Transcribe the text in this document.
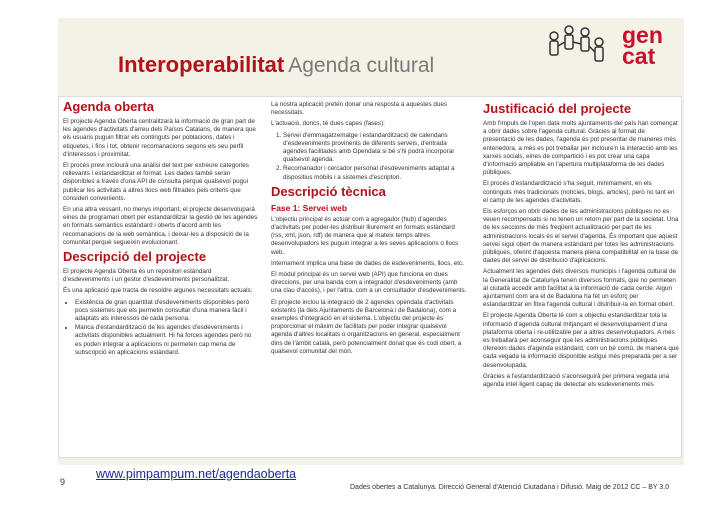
Interoperabilitat Agenda cultural
gen
cat
Agenda oberta

El projecte Agenda Oberta centralitzarà la informació de gran part de les agendes d'activitats d'arreu dels Països Catalans, de manera que els usuaris puguin filtrar els continguts per poblacions, dates i etiquetes, i fins i tot, obtenir recomanacions segons els seu perfil d'interessos i proximitat.

El procés previ inclourà una anàlisi del text per extreure categories rellevants i estandarditzar el format. Les dades també seran disponibles a través d'una API de consulta perquè qualsevol pugui publicar les activitats a altres llocs web filtrades pels criteris que consideri convenients.

En una altra vessant, no menys important, el projecte desenvoluparà eines de programari obert per estandarditzar la gestió de les agendes en formats semàntics estàndard i oberts d'acord amb les recomanacions de la web semàntica, i deixar-les a disposició de la comunitat perquè segueixin evolucionant.

Descripció del projecte

El projecte Agenda Oberta és un repositori estàndard d'esdeveniments i un gestor d'esdeveniments personalitzat.

És una aplicació que tracta de resoldre algunes necessitats actuals:

• Existència de gran quantitat d'esdeveniments disponibles però pocs sistemes que els permetin consultar d'una manera fàcil i adaptats als interessos de cada persona.
• Manca d'estandardització de les agendes d'esdeveniments i activitats disponibles actualment. Hi ha forces agendes però no es poden integrar a aplicacions ni permeten cap mena de subscripció en aplicacions estàndard.

La nostra aplicació pretén donar una resposta a aquestes dues necessitats.

L'actuació, doncs, té dues capes (fases):

1. Servei d'emmagatzematge i estandardització de calendaris d'esdeveniments provinents de diferents serveis, d'entrada agendes facilitades amb Opendata si bé s'hi podrà incorporar qualsevol agenda.
2. Recomanador i cercador personal d'esdeveniments adaptat a dispositius mòbils i a sistemes d'escriptori.
Descripció tècnica
Fase 1: Servei web

L'objectiu principal és actuar com a agregador (hub) d'agendes d'activitats per poder-les distribuir lliurement en formats estàndard (rss, xml, json, rdf) de manera que al mateix temps altres desenvolupadors les puguin integrar a les seves aplicacions o llocs web.

Internament implica una base de dades de esdeveniments, llocs, etc.

El mòdul principal és un servei web (API) que funciona en dues direccions, per una banda com a integrador d'esdeveniments (amb una clau d'accés), i per l'altra, com a un consultador d'esdeveniments.

El projecte inclou la integració de 2 agendes opendata d'activitats existents (la dels Ajuntaments de Barcelona i de Badalona), com a exemples d'integració en el sistema. L'objectiu del projecte és proporcionar el màxim de facilitats per poder integrar qualsevol agenda d'altres localitats o organitzacions en general, especialment dins de l'àmbit català, però potencialment donat que és codi obert, a qualsevol comunitat del món.

Justificació del projecte

Amb l'impuls de l'open data molts ajuntaments del país han començat a obrir dades sobre l'agenda cultural. Gràcies al format de presentació de les dades, l'agenda és pot presentar de maneres més entenedora, a més es pot treballar per incloure'n la interacció amb les xarxes socials, eines de compartició i es pot crear una capa d'informació ampliable en l'apertura multiplataforma de les dades públiques.

El procés d'estandardització s'ha seguit, mínimament, en els continguts més tradicionals (notícies, blogs, articles), però no tant en el camp de les agendes d'activitats.

Els esforços en obrir dades de les administracions públiques no es veuen recompensats si no tenen un retorn per part de la societat. Una de les seccions de més freqüent actualització per part de les administracions locals és el servei d'agenda. És important que aquest servei sigui obert de manera estàndard per totes les administracions públiques, oferint d'aquesta manera plena compatibilitat en la base de dades del servei de distribució d'aplicacions.

Actualment les agendes dels diversos municipis i l'agenda cultural de la Generalitat de Catalunya tenen diversos formats, que no permeten al ciutadà accedir amb facilitat a la informació de cada cercle. Algun ajuntament com ara el de Badalona ha fet un esforç per estandarditzar en fitxa l'agenda cultural i distribuir-la en format obert.

El projecte Agenda Oberta té com a objectiu estandarditzar tota la informació d'agenda cultural mitjançant el desenvolupament d'una plataforma oberta i re-utilitzable per a altres desenvolupadors. A més es treballarà per aconseguir que les administracions públiques ofereixin dades d'agenda estàndard, com un bé comú, de manera que cada vegada la informació disponible estigui més preparada per a ser desenvolupada.

Gràcies a l'estandardització s'aconseguirà per primera vegada una agenda intel·ligent capaç de detectar els esdeveniments més

www.pimpampum.net/agendaoberta
9
Dades obertes a Catalunya. Direcció General d'Atenció Ciutadana i Difusió. Maig de 2012 CC – BY 3.0
